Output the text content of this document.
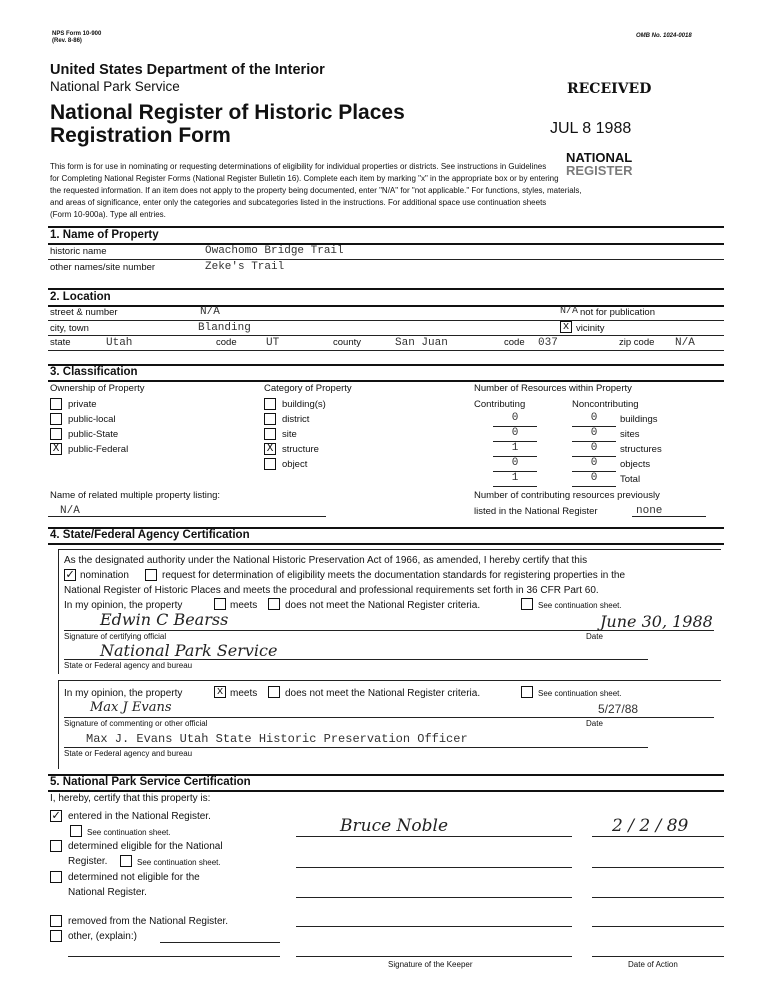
NPS Form 10-900
(Rev. 8-86)
OMB No. 1024-0018
United States Department of the Interior
National Park Service
National Register of Historic Places
Registration Form
RECEIVED
JUL 8 1988
NATIONAL
REGISTER
This form is for use in nominating or requesting determinations of eligibility for individual properties or districts. See instructions in Guidelines
for Completing National Register Forms (National Register Bulletin 16). Complete each item by marking "x" in the appropriate box or by entering
the requested information. If an item does not apply to the property being documented, enter "N/A" for "not applicable." For functions, styles, materials,
and areas of significance, enter only the categories and subcategories listed in the instructions. For additional space use continuation sheets
(Form 10-900a). Type all entries.
1. Name of Property
historic name	Owachomo Bridge Trail
other names/site number	Zeke's Trail
2. Location
street & number	N/A	N/A not for publication
city, town	Blanding	x vicinity
state	Utah	code	UT	county	San Juan	code 037	zip code N/A
3. Classification
Ownership of Property	Category of Property	Number of Resources within Property
Contributing	Noncontributing
private
public-local
public-State
X public-Federal
building(s)
district
site
X structure
object
0	0	buildings
0	0	sites
1	0	structures
0	0	objects
1	0	Total
Name of related multiple property listing:
N/A
Number of contributing resources previously
listed in the National Register	none
4. State/Federal Agency Certification
As the designated authority under the National Historic Preservation Act of 1966, as amended, I hereby certify that this
✓ nomination	request for determination of eligibility meets the documentation standards for registering properties in the
National Register of Historic Places and meets the procedural and professional requirements set forth in 36 CFR Part 60.
In my opinion, the property	meets	does not meet the National Register criteria.	See continuation sheet.
Edwin C Bearss	June 30, 1988
Signature of certifying official	Date
National Park Service
State or Federal agency and bureau
In my opinion, the property	x meets	does not meet the National Register criteria.	See continuation sheet.
Max J Evans	5/27/88
Signature of commenting or other official	Date
Max J. Evans Utah State Historic Preservation Officer
State or Federal agency and bureau
5. National Park Service Certification
I, hereby, certify that this property is:
✓ entered in the National Register.
See continuation sheet.
determined eligible for the National
Register.	See continuation sheet.
determined not eligible for the
National Register.
removed from the National Register.
other, (explain:)
Bruce Noble	2 / 2 / 89
Signature of the Keeper	Date of Action
